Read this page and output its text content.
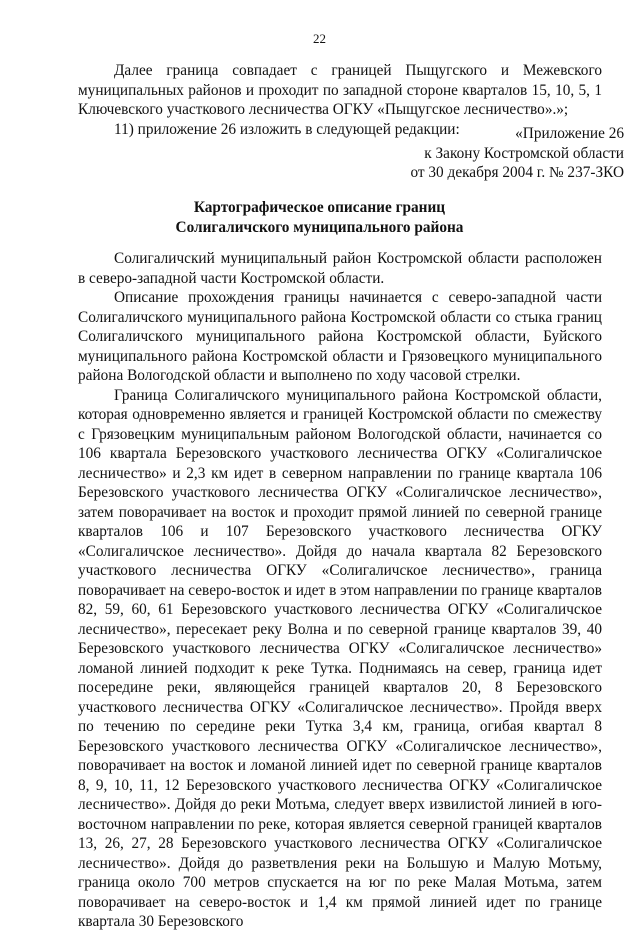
22

Далее граница совпадает с границей Пыщугского и Межевского муниципальных районов и проходит по западной стороне кварталов 15, 10, 5, 1 Ключевского участкового лесничества ОГКУ «Пыщугское лесничество».»;

11) приложение 26 изложить в следующей редакции:	«Приложение 26
к Закону Костромской области
от 30 декабря 2004 г. № 237-ЗКО
Картографическое описание границ
Солигаличского муниципального района

Солигаличский муниципальный район Костромской области расположен в северо-западной части Костромской области.

Описание прохождения границы начинается с северо-западной части Солигаличского муниципального района Костромской области со стыка границ Солигаличского муниципального района Костромской области, Буйского муниципального района Костромской области и Грязовецкого муниципального района Вологодской области и выполнено по ходу часовой стрелки.

Граница Солигаличского муниципального района Костромской области, которая одновременно является и границей Костромской области по смежеству с Грязовецким муниципальным районом Вологодской области, начинается со 106 квартала Березовского участкового лесничества ОГКУ «Солигаличское лесничество» и 2,3 км идет в северном направлении по границе квартала 106 Березовского участкового лесничества ОГКУ «Солигаличское лесничество», затем поворачивает на восток и проходит прямой линией по северной границе кварталов 106 и 107 Березовского участкового лесничества ОГКУ «Солигаличское лесничество». Дойдя до начала квартала 82 Березовского участкового лесничества ОГКУ «Солигаличское лесничество», граница поворачивает на северо-восток и идет в этом направлении по границе кварталов 82, 59, 60, 61 Березовского участкового лесничества ОГКУ «Солигаличское лесничество», пересекает реку Волна и по северной границе кварталов 39, 40 Березовского участкового лесничества ОГКУ «Солигаличское лесничество» ломаной линией подходит к реке Тутка. Поднимаясь на север, граница идет посередине реки, являющейся границей кварталов 20, 8 Березовского участкового лесничества ОГКУ «Солигаличское лесничество». Пройдя вверх по течению по середине реки Тутка 3,4 км, граница, огибая квартал 8 Березовского участкового лесничества ОГКУ «Солигаличское лесничество», поворачивает на восток и ломаной линией идет по северной границе кварталов 8, 9, 10, 11, 12 Березовского участкового лесничества ОГКУ «Солигаличское лесничество». Дойдя до реки Мотьма, следует вверх извилистой линией в юго-восточном направлении по реке, которая является северной границей кварталов 13, 26, 27, 28 Березовского участкового лесничества ОГКУ «Солигаличское лесничество». Дойдя до разветвления реки на Большую и Малую Мотьму, граница около 700 метров спускается на юг по реке Малая Мотьма, затем поворачивает на северо-восток и 1,4 км прямой линией идет по границе квартала 30 Березовского
